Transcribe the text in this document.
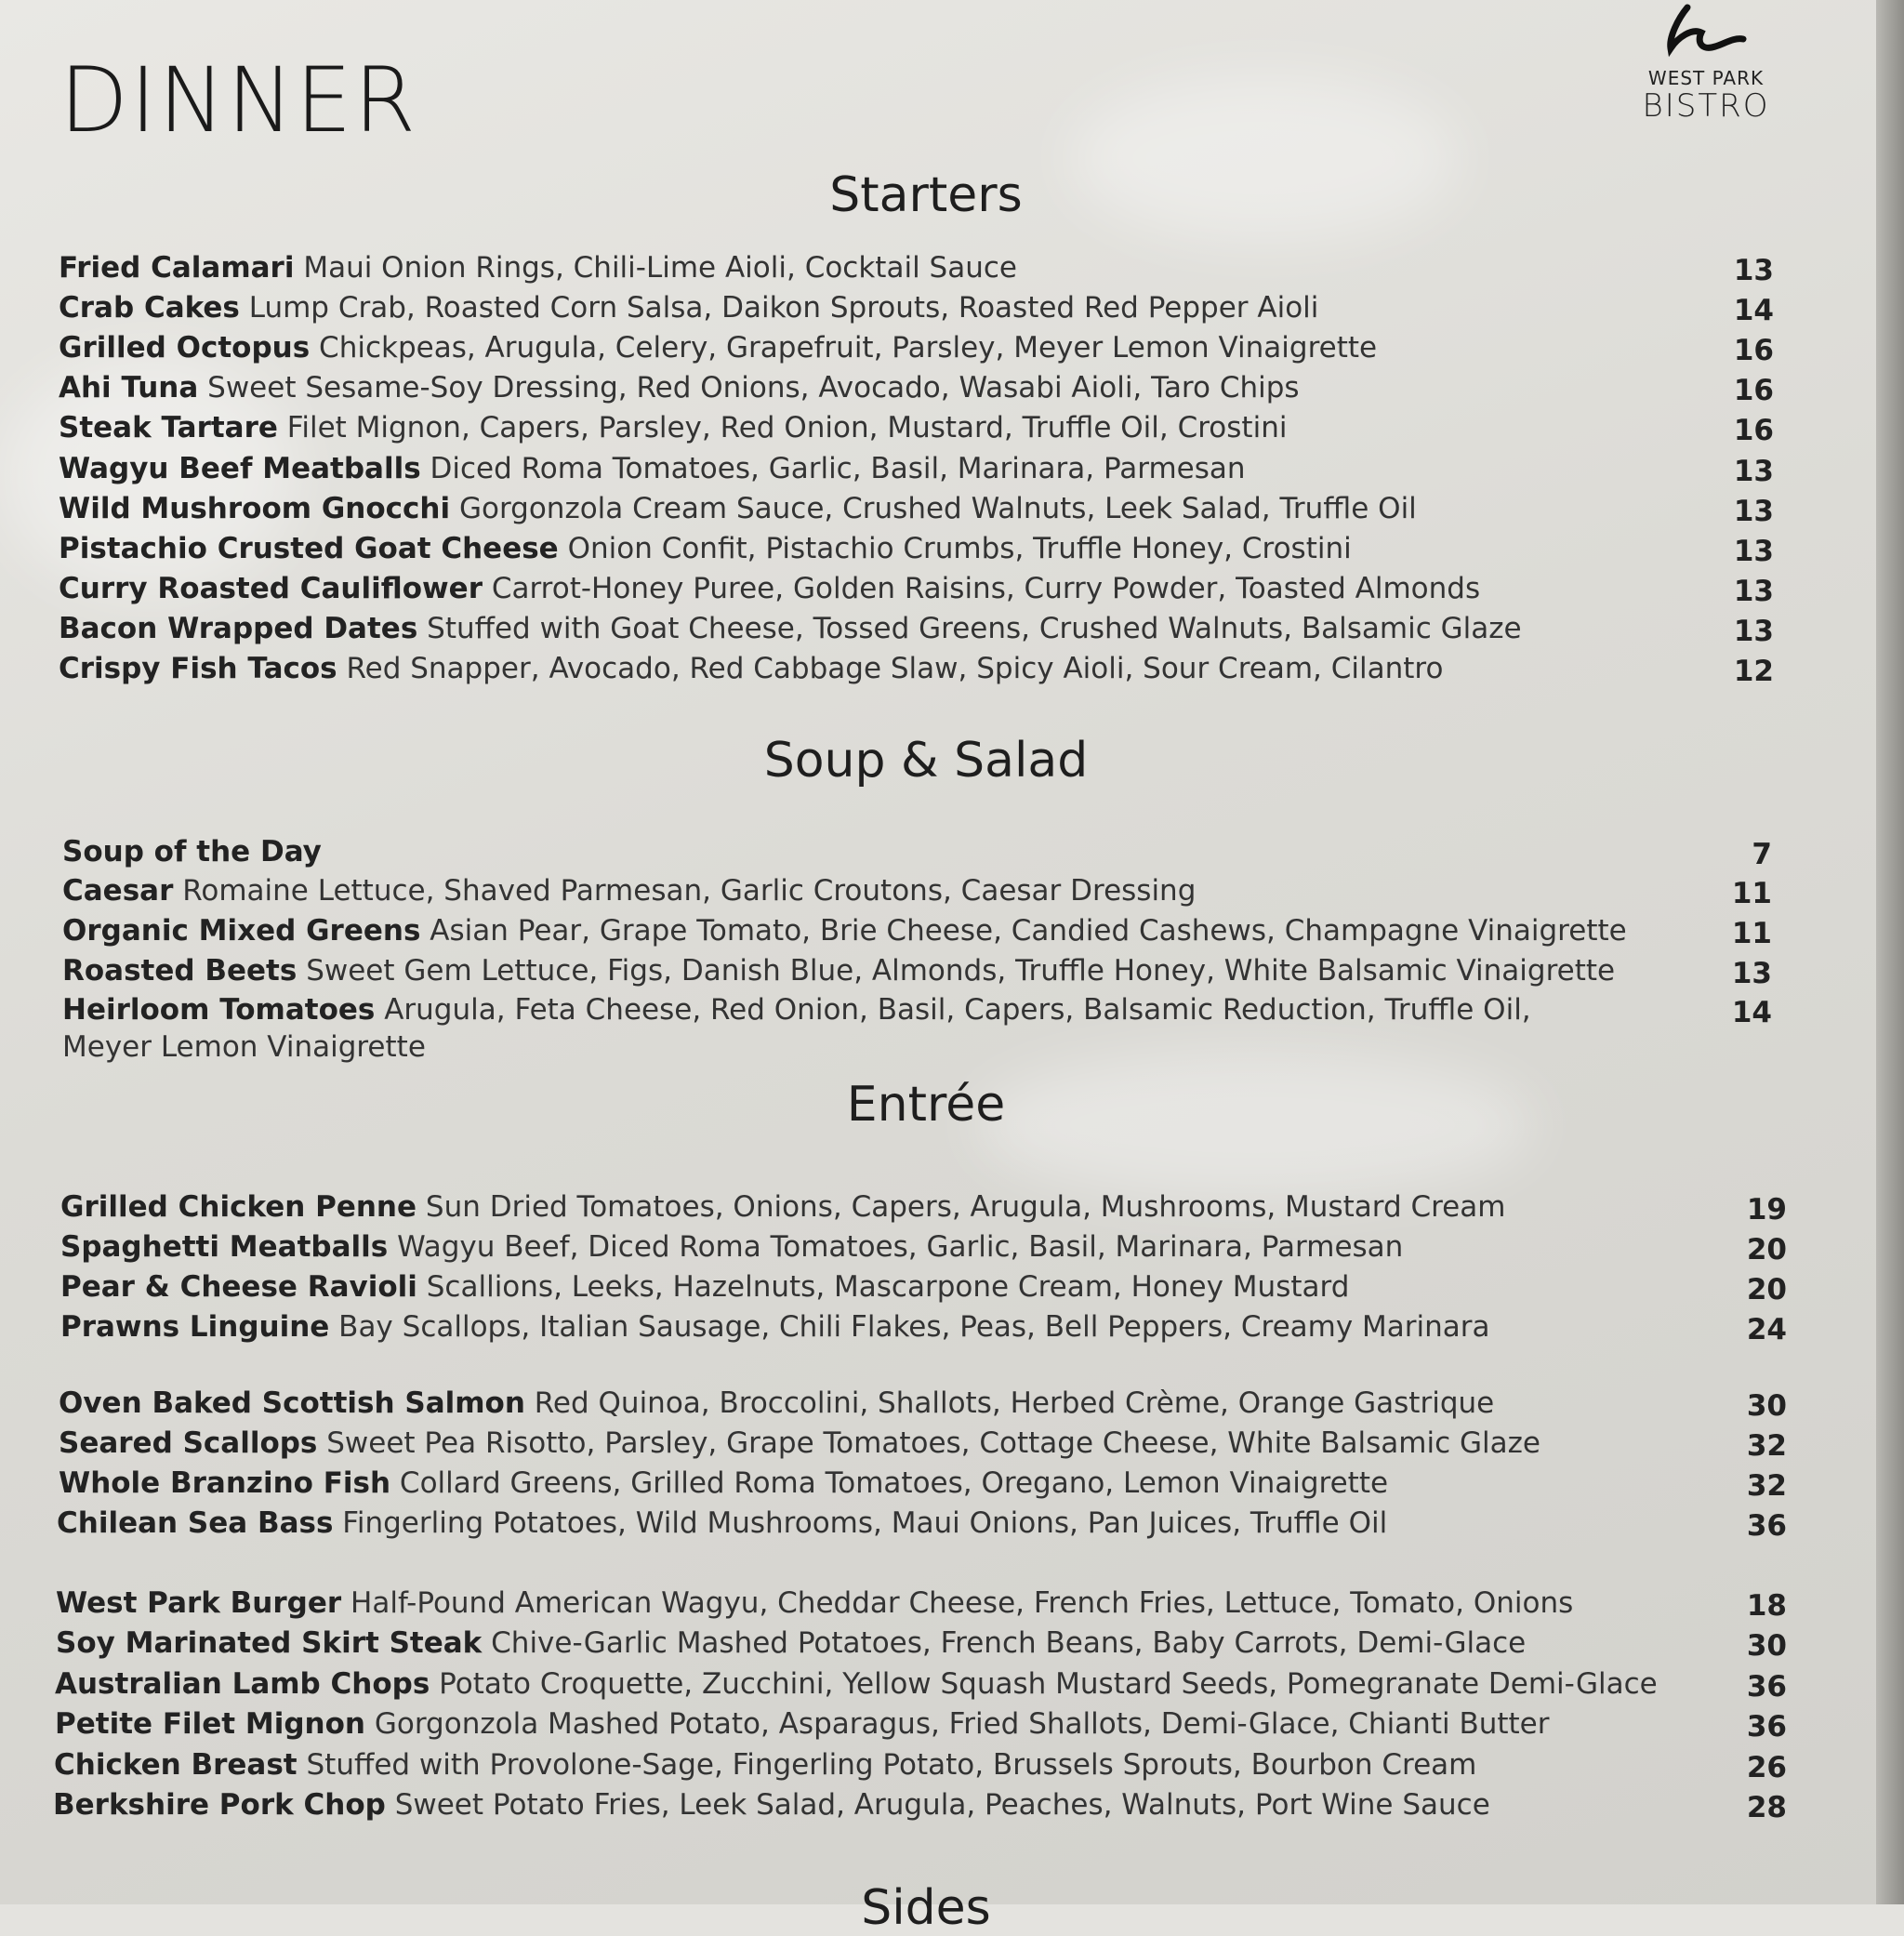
DINNER	WEST PARK
BISTRO
Starters
Fried Calamari Maui Onion Rings, Chili-Lime Aioli, Cocktail Sauce	13
Crab Cakes Lump Crab, Roasted Corn Salsa, Daikon Sprouts, Roasted Red Pepper Aioli	14
Grilled Octopus Chickpeas, Arugula, Celery, Grapefruit, Parsley, Meyer Lemon Vinaigrette	16
Ahi Tuna Sweet Sesame-Soy Dressing, Red Onions, Avocado, Wasabi Aioli, Taro Chips	16
Steak Tartare Filet Mignon, Capers, Parsley, Red Onion, Mustard, Truffle Oil, Crostini	16
Wagyu Beef Meatballs Diced Roma Tomatoes, Garlic, Basil, Marinara, Parmesan	13
Wild Mushroom Gnocchi Gorgonzola Cream Sauce, Crushed Walnuts, Leek Salad, Truffle Oil	13
Pistachio Crusted Goat Cheese Onion Confit, Pistachio Crumbs, Truffle Honey, Crostini	13
Curry Roasted Cauliflower Carrot-Honey Puree, Golden Raisins, Curry Powder, Toasted Almonds	13
Bacon Wrapped Dates Stuffed with Goat Cheese, Tossed Greens, Crushed Walnuts, Balsamic Glaze	13
Crispy Fish Tacos Red Snapper, Avocado, Red Cabbage Slaw, Spicy Aioli, Sour Cream, Cilantro	12
Soup & Salad
Soup of the Day	7
Caesar Romaine Lettuce, Shaved Parmesan, Garlic Croutons, Caesar Dressing	11
Organic Mixed Greens Asian Pear, Grape Tomato, Brie Cheese, Candied Cashews, Champagne Vinaigrette	11
Roasted Beets Sweet Gem Lettuce, Figs, Danish Blue, Almonds, Truffle Honey, White Balsamic Vinaigrette	13
Heirloom Tomatoes Arugula, Feta Cheese, Red Onion, Basil, Capers, Balsamic Reduction, Truffle Oil,	14
Meyer Lemon Vinaigrette
Entrée
Grilled Chicken Penne Sun Dried Tomatoes, Onions, Capers, Arugula, Mushrooms, Mustard Cream	19
Spaghetti Meatballs Wagyu Beef, Diced Roma Tomatoes, Garlic, Basil, Marinara, Parmesan	20
Pear & Cheese Ravioli Scallions, Leeks, Hazelnuts, Mascarpone Cream, Honey Mustard	20
Prawns Linguine Bay Scallops, Italian Sausage, Chili Flakes, Peas, Bell Peppers, Creamy Marinara	24
Oven Baked Scottish Salmon Red Quinoa, Broccolini, Shallots, Herbed Crème, Orange Gastrique	30
Seared Scallops Sweet Pea Risotto, Parsley, Grape Tomatoes, Cottage Cheese, White Balsamic Glaze	32
Whole Branzino Fish Collard Greens, Grilled Roma Tomatoes, Oregano, Lemon Vinaigrette	32
Chilean Sea Bass Fingerling Potatoes, Wild Mushrooms, Maui Onions, Pan Juices, Truffle Oil	36
West Park Burger Half-Pound American Wagyu, Cheddar Cheese, French Fries, Lettuce, Tomato, Onions	18
Soy Marinated Skirt Steak Chive-Garlic Mashed Potatoes, French Beans, Baby Carrots, Demi-Glace	30
Australian Lamb Chops Potato Croquette, Zucchini, Yellow Squash Mustard Seeds, Pomegranate Demi-Glace	36
Petite Filet Mignon Gorgonzola Mashed Potato, Asparagus, Fried Shallots, Demi-Glace, Chianti Butter	36
Chicken Breast Stuffed with Provolone-Sage, Fingerling Potato, Brussels Sprouts, Bourbon Cream	26
Berkshire Pork Chop Sweet Potato Fries, Leek Salad, Arugula, Peaches, Walnuts, Port Wine Sauce	28
Sides
